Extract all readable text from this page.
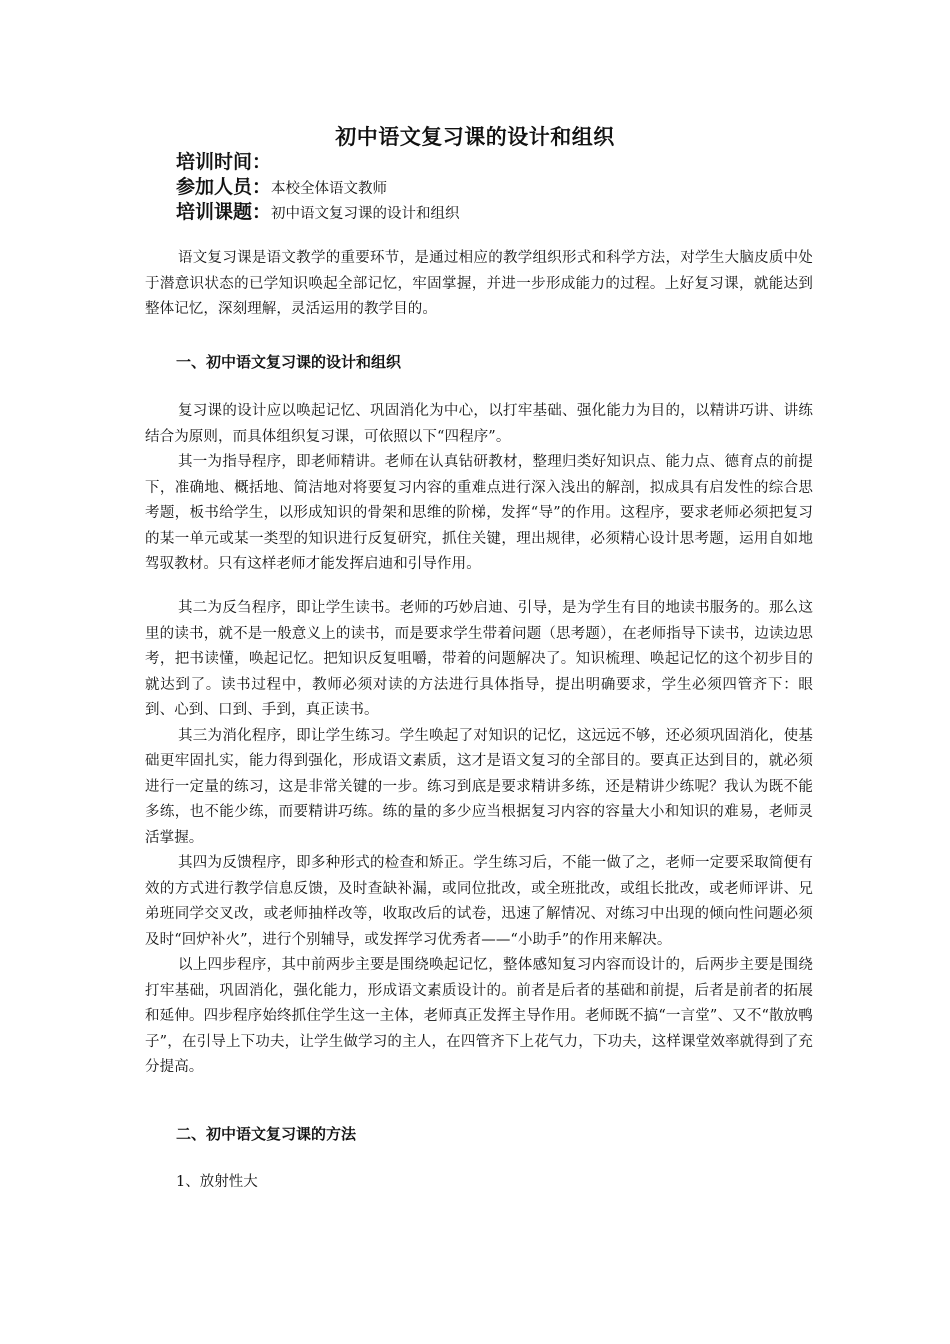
初中语文复习课的设计和组织
培训时间：
参加人员：本校全体语文教师
培训课题：初中语文复习课的设计和组织

语文复习课是语文教学的重要环节，是通过相应的教学组织形式和科学方法，对学生大脑皮质中处于潜意识状态的已学知识唤起全部记忆，牢固掌握，并进一步形成能力的过程。上好复习课，就能达到整体记忆，深刻理解，灵活运用的教学目的。

一、初中语文复习课的设计和组织

复习课的设计应以唤起记忆、巩固消化为中心，以打牢基础、强化能力为目的，以精讲巧讲、讲练结合为原则，而具体组织复习课，可依照以下“四程序”。

其一为指导程序，即老师精讲。老师在认真钻研教材，整理归类好知识点、能力点、德育点的前提下，准确地、概括地、简洁地对将要复习内容的重难点进行深入浅出的解剖，拟成具有启发性的综合思考题，板书给学生，以形成知识的骨架和思维的阶梯，发挥“导”的作用。这程序，要求老师必须把复习的某一单元或某一类型的知识进行反复研究，抓住关键，理出规律，必须精心设计思考题，运用自如地驾驭教材。只有这样老师才能发挥启迪和引导作用。

其二为反刍程序，即让学生读书。老师的巧妙启迪、引导，是为学生有目的地读书服务的。那么这里的读书，就不是一般意义上的读书，而是要求学生带着问题（思考题），在老师指导下读书，边读边思考，把书读懂，唤起记忆。把知识反复咀嚼，带着的问题解决了。知识梳理、唤起记忆的这个初步目的就达到了。读书过程中，教师必须对读的方法进行具体指导，提出明确要求，学生必须四管齐下：眼到、心到、口到、手到，真正读书。

其三为消化程序，即让学生练习。学生唤起了对知识的记忆，这远远不够，还必须巩固消化，使基础更牢固扎实，能力得到强化，形成语文素质，这才是语文复习的全部目的。要真正达到目的，就必须进行一定量的练习，这是非常关键的一步。练习到底是要求精讲多练，还是精讲少练呢？我认为既不能多练，也不能少练，而要精讲巧练。练的量的多少应当根据复习内容的容量大小和知识的难易，老师灵活掌握。

其四为反馈程序，即多种形式的检查和矫正。学生练习后，不能一做了之，老师一定要采取简便有效的方式进行教学信息反馈，及时查缺补漏，或同位批改，或全班批改，或组长批改，或老师评讲、兄弟班同学交叉改，或老师抽样改等，收取改后的试卷，迅速了解情况、对练习中出现的倾向性问题必须及时“回炉补火”，进行个别辅导，或发挥学习优秀者——“小助手”的作用来解决。

以上四步程序，其中前两步主要是围绕唤起记忆，整体感知复习内容而设计的，后两步主要是围绕打牢基础，巩固消化，强化能力，形成语文素质设计的。前者是后者的基础和前提，后者是前者的拓展和延伸。四步程序始终抓住学生这一主体，老师真正发挥主导作用。老师既不搞“一言堂”、又不“散放鸭子”，在引导上下功夫，让学生做学习的主人，在四管齐下上花气力，下功夫，这样课堂效率就得到了充分提高。

二、初中语文复习课的方法
1、放射性大
